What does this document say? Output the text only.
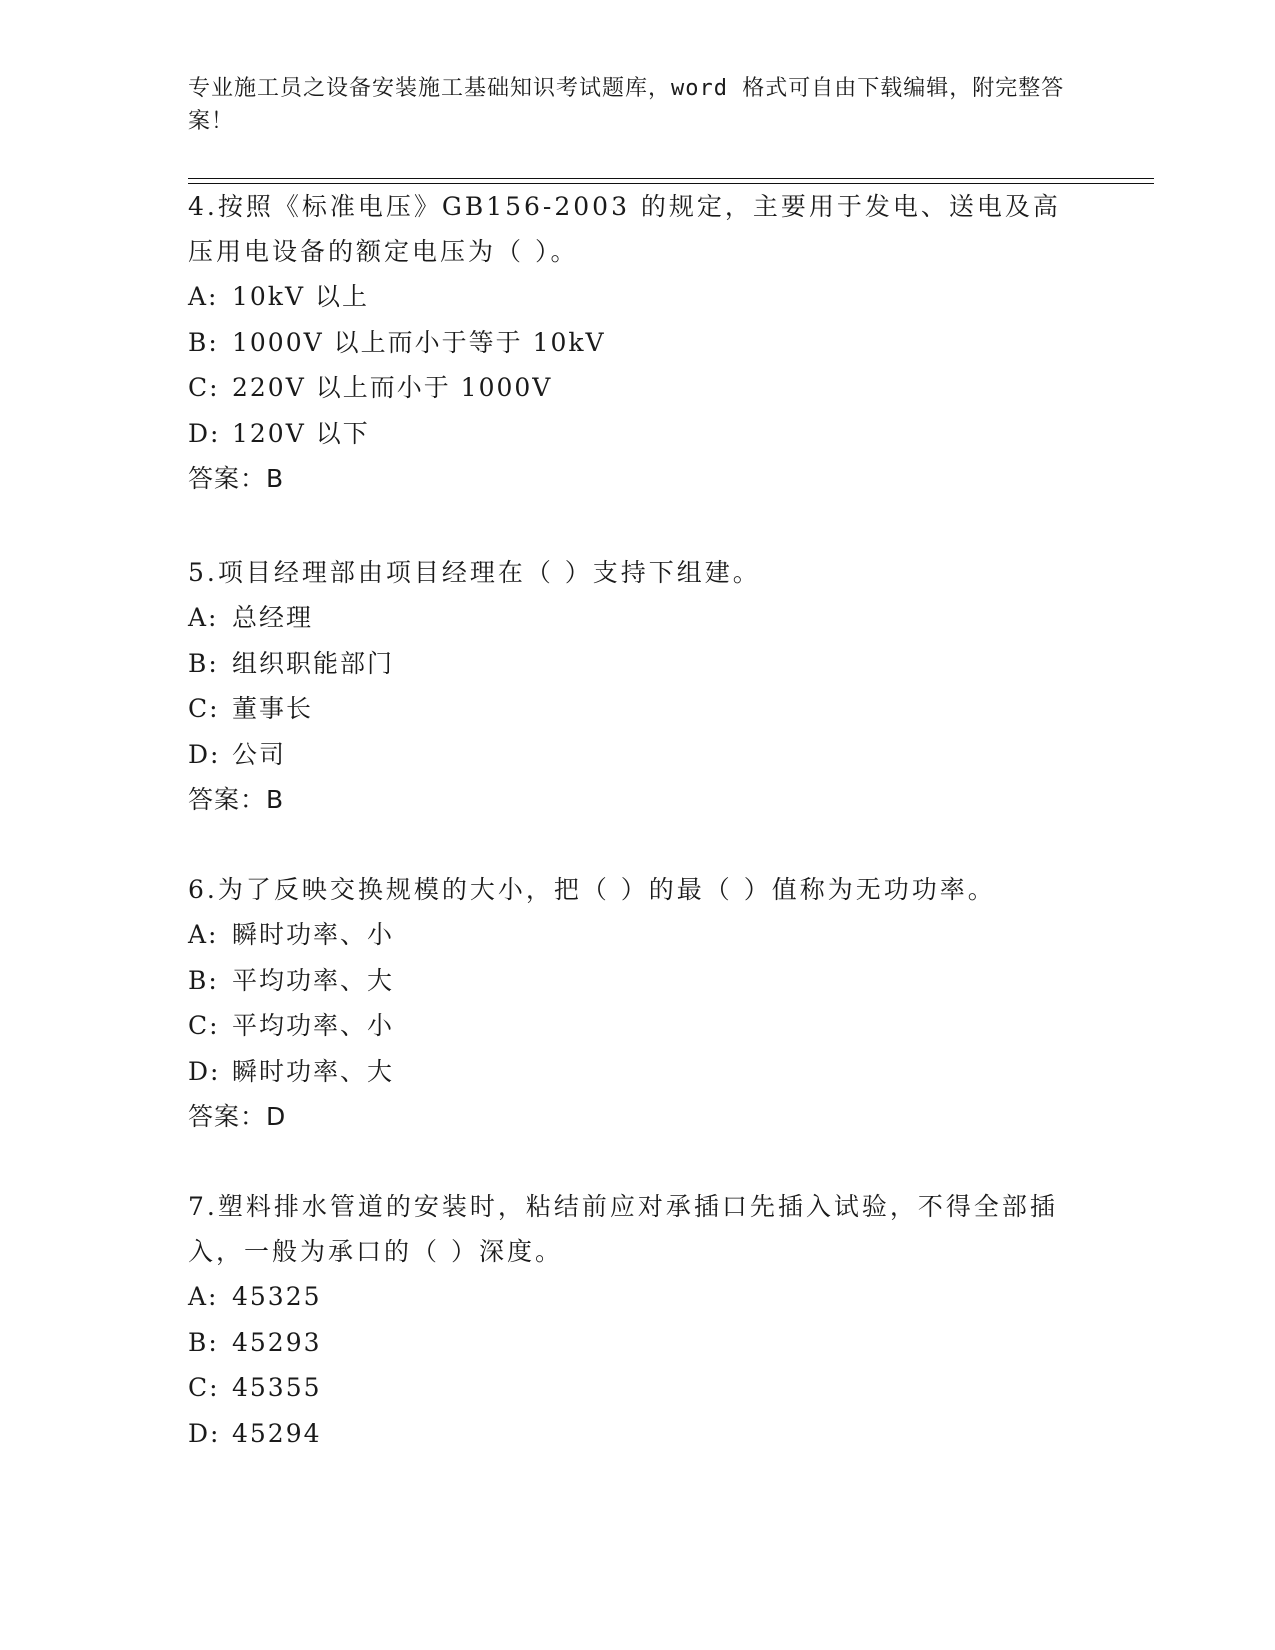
专业施工员之设备安装施工基础知识考试题库，word 格式可自由下载编辑，附完整答案！

4.按照《标准电压》GB156-2003 的规定，主要用于发电、送电及高压用电设备的额定电压为（ ）。

A: 10kV 以上
B: 1000V 以上而小于等于 10kV
C: 220V 以上而小于 1000V
D: 120V 以下
答案：B

5.项目经理部由项目经理在（ ）支持下组建。

A: 总经理
B: 组织职能部门
C: 董事长
D: 公司
答案：B

6.为了反映交换规模的大小，把（ ）的最（ ）值称为无功功率。

A: 瞬时功率、小
B: 平均功率、大
C: 平均功率、小
D: 瞬时功率、大
答案：D

7.塑料排水管道的安装时，粘结前应对承插口先插入试验，不得全部插入，一般为承口的（ ）深度。

A: 45325
B: 45293
C: 45355
D: 45294
